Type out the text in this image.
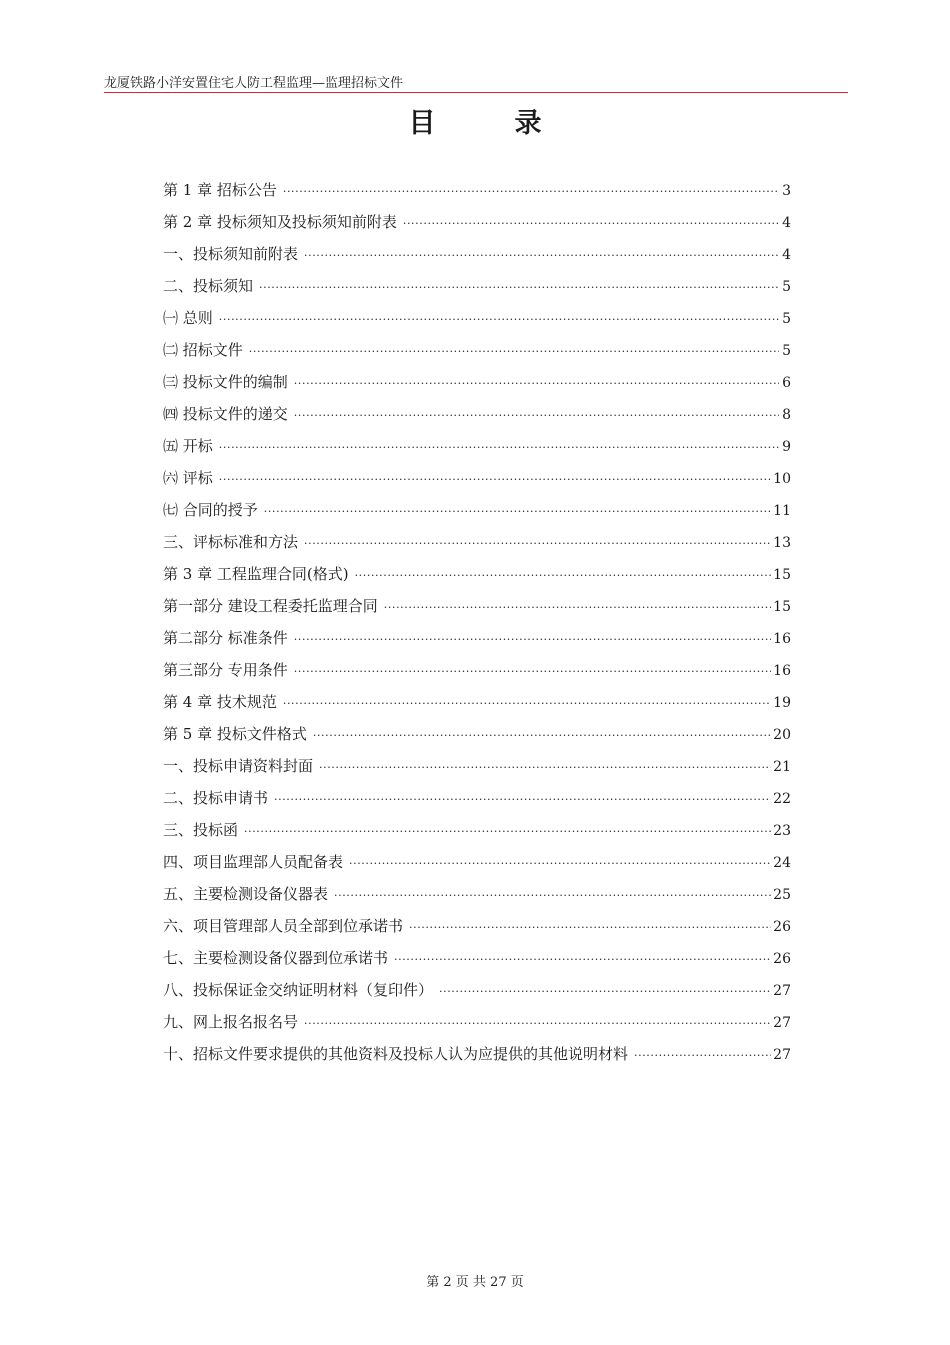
龙厦铁路小洋安置住宅人防工程监理—监理招标文件
目　录
第 1 章 招标公告 ·····	3
第 2 章 投标须知及投标须知前附表 ·····	4
一、投标须知前附表 ·····	4
二、投标须知 ·····	5
㈠ 总则 ·····	5
㈡ 招标文件 ·····	5
㈢ 投标文件的编制 ·····	6
㈣ 投标文件的递交 ·····	8
㈤ 开标 ·····	9
㈥ 评标 ·····	10
㈦ 合同的授予 ·····	11
三、评标标准和方法 ·····	13
第 3 章 工程监理合同(格式) ·····	15
第一部分 建设工程委托监理合同 ·····	15
第二部分 标准条件 ·····	16
第三部分 专用条件 ·····	16
第 4 章 技术规范 ·····	19
第 5 章 投标文件格式 ·····	20
一、投标申请资料封面 ·····	21
二、投标申请书 ·····	22
三、投标函 ·····	23
四、项目监理部人员配备表 ·····	24
五、主要检测设备仪器表 ·····	25
六、项目管理部人员全部到位承诺书 ·····	26
七、主要检测设备仪器到位承诺书 ·····	26
八、投标保证金交纳证明材料（复印件） ·····	27
九、网上报名报名号 ·····	27
十、招标文件要求提供的其他资料及投标人认为应提供的其他说明材料 ·····	27
第 2 页 共 27 页
